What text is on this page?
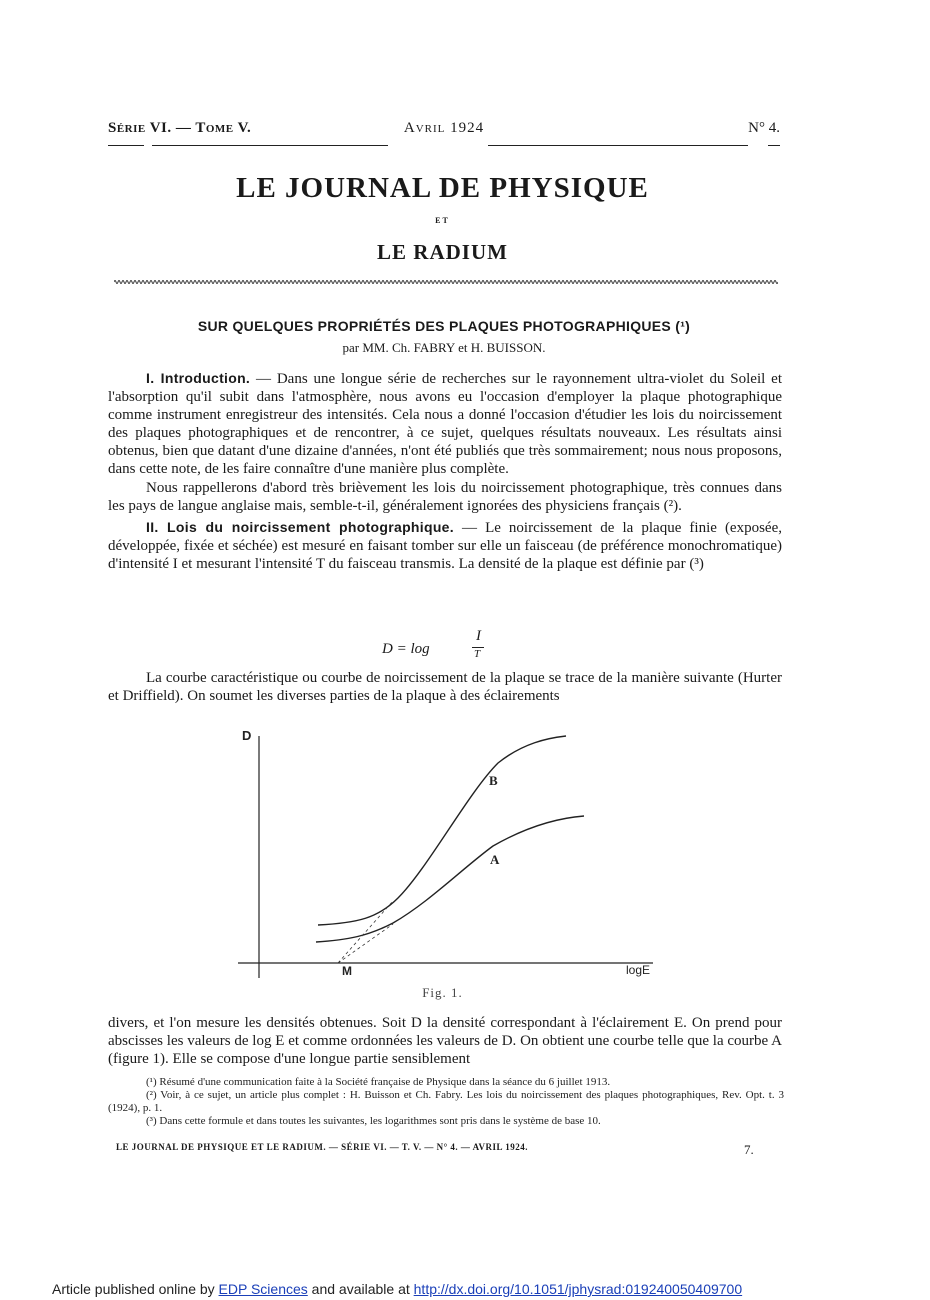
Série VI. — Tome V.	Avril 1924	N° 4.
LE JOURNAL DE PHYSIQUE
ET
LE RADIUM
SUR QUELQUES PROPRIÉTÉS DES PLAQUES PHOTOGRAPHIQUES (¹)
par MM. Ch. FABRY et H. BUISSON.

I. Introduction. — Dans une longue série de recherches sur le rayonnement ultra-violet du Soleil et l'absorption qu'il subit dans l'atmosphère, nous avons eu l'occasion d'employer la plaque photographique comme instrument enregistreur des intensités. Cela nous a donné l'occasion d'étudier les lois du noircissement des plaques photographiques et de rencontrer, à ce sujet, quelques résultats nouveaux. Les résultats ainsi obtenus, bien que datant d'une dizaine d'années, n'ont été publiés que très sommairement; nous nous proposons, dans cette note, de les faire connaître d'une manière plus complète.

Nous rappellerons d'abord très brièvement les lois du noircissement photographique, très connues dans les pays de langue anglaise mais, semble-t-il, généralement ignorées des physiciens français (²).

II. Lois du noircissement photographique. — Le noircissement de la plaque finie (exposée, développée, fixée et séchée) est mesuré en faisant tomber sur elle un faisceau (de préférence monochromatique) d'intensité I et mesurant l'intensité T du faisceau transmis. La densité de la plaque est définie par (³)

D = log
I
T

La courbe caractéristique ou courbe de noircissement de la plaque se trace de la manière suivante (Hurter et Driffield). On soumet les diverses parties de la plaque à des éclairements

D
logE
M
B
A
Fig. 1.

divers, et l'on mesure les densités obtenues. Soit D la densité correspondant à l'éclairement E. On prend pour abscisses les valeurs de log E et comme ordonnées les valeurs de D. On obtient une courbe telle que la courbe A (figure 1). Elle se compose d'une longue partie sensiblement

(¹) Résumé d'une communication faite à la Société française de Physique dans la séance du 6 juillet 1913.

(²) Voir, à ce sujet, un article plus complet : H. Buisson et Ch. Fabry. Les lois du noircissement des plaques photographiques, Rev. Opt. t. 3 (1924), p. 1.

(³) Dans cette formule et dans toutes les suivantes, les logarithmes sont pris dans le système de base 10.

LE JOURNAL DE PHYSIQUE ET LE RADIUM. — SÉRIE VI. — T. V. — N° 4. — AVRIL 1924.	7.
Article published online by EDP Sciences and available at http://dx.doi.org/10.1051/jphysrad:019240050409700
